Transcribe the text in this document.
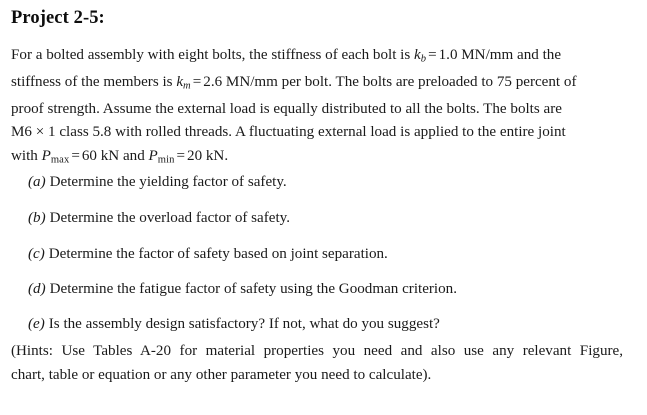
Project 2-5:
For a bolted assembly with eight bolts, the stiffness of each bolt is $k_b = 1.0$ MN/mm and the
stiffness of the members is $k_m = 2.6$ MN/mm per bolt. The bolts are preloaded to 75 percent of
proof strength. Assume the external load is equally distributed to all the bolts. The bolts are
M6 × 1 class 5.8 with rolled threads. A fluctuating external load is applied to the entire joint
with $P_{max} = 60$ kN and $P_{min} = 20$ kN.
(a) Determine the yielding factor of safety.
(b) Determine the overload factor of safety.
(c) Determine the factor of safety based on joint separation.
(d) Determine the fatigue factor of safety using the Goodman criterion.
(e) Is the assembly design satisfactory? If not, what do you suggest?
(Hints: Use Tables A-20 for material properties you need and also use any relevant Figure,
chart, table or equation or any other parameter you need to calculate).
